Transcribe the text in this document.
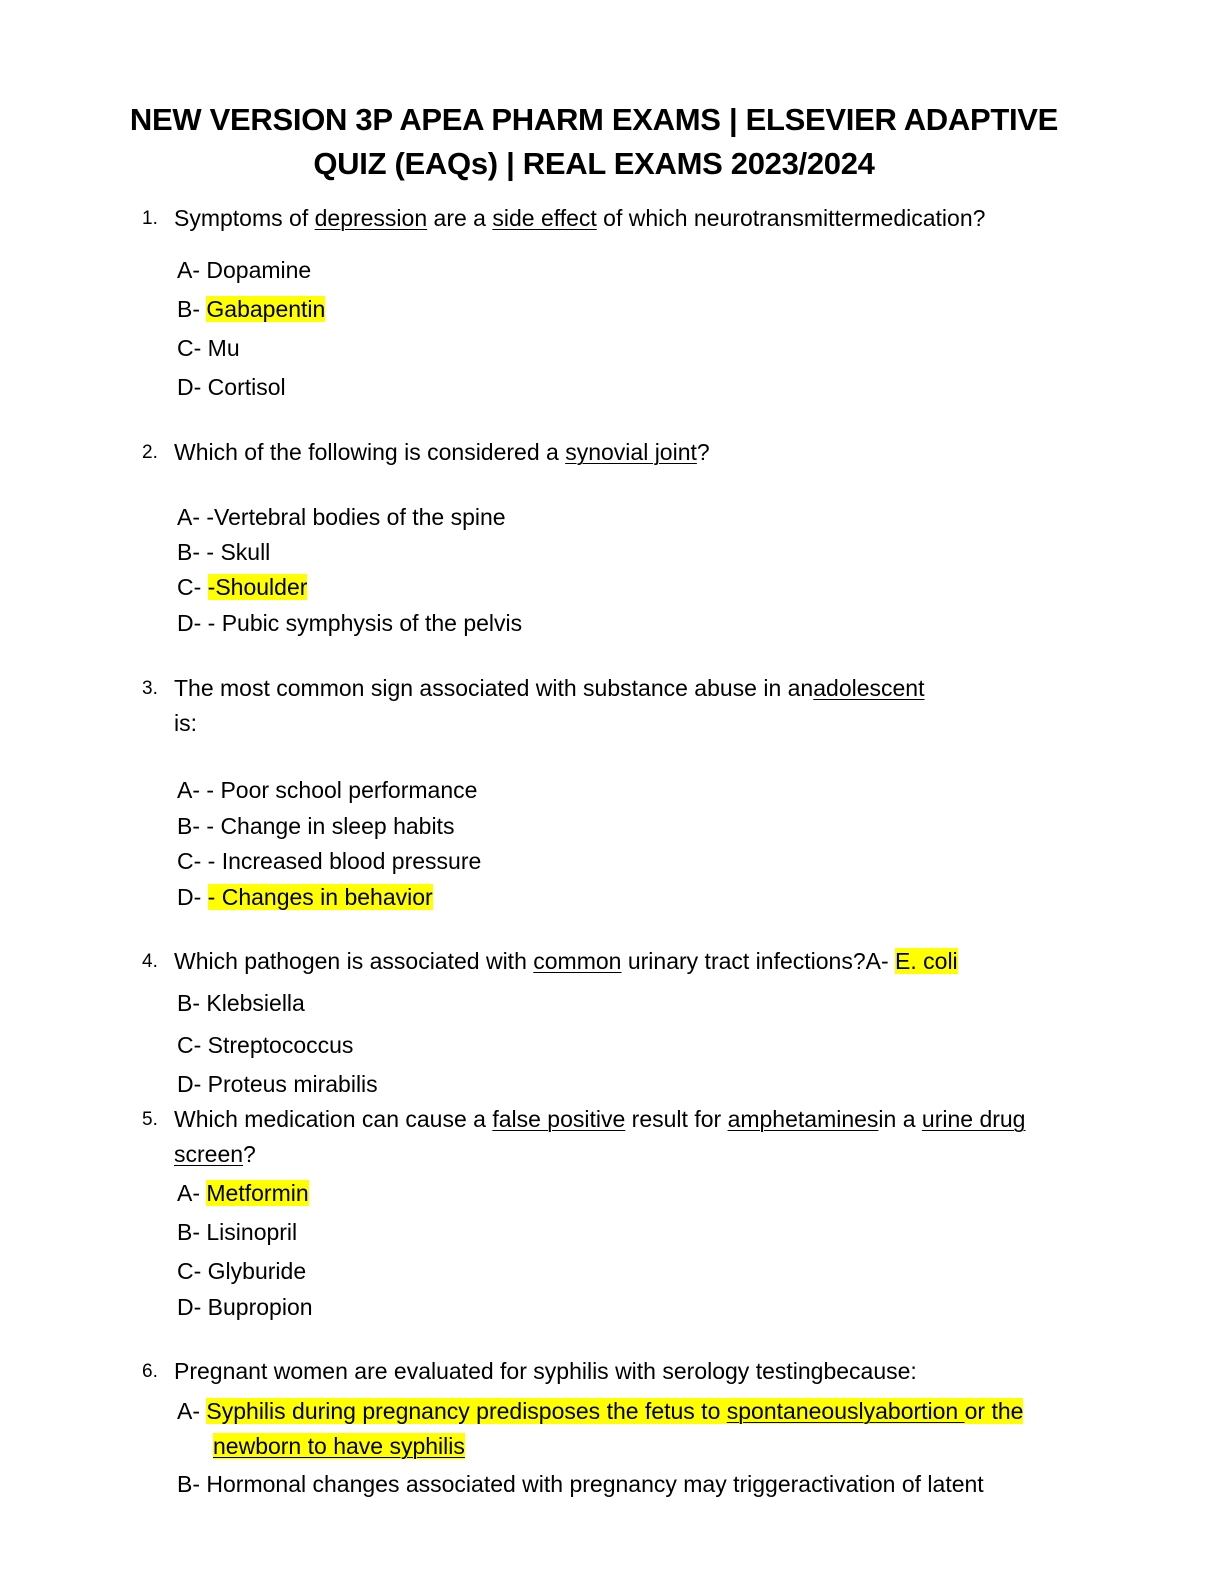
NEW VERSION 3P APEA PHARM EXAMS | ELSEVIER ADAPTIVE
QUIZ (EAQs) | REAL EXAMS 2023/2024
1. Symptoms of depression are a side effect of which neurotransmittermedication?
A- Dopamine
B- Gabapentin
C- Mu
D- Cortisol
2. Which of the following is considered a synovial joint?
A- -Vertebral bodies of the spine
B- - Skull
C- -Shoulder
D- - Pubic symphysis of the pelvis
3. The most common sign associated with substance abuse in anadolescent
is:
A- - Poor school performance
B- - Change in sleep habits
C- - Increased blood pressure
D- - Changes in behavior
4. Which pathogen is associated with common urinary tract infections?A- E. coli
B- Klebsiella
C- Streptococcus
D- Proteus mirabilis
5. Which medication can cause a false positive result for amphetaminesin a urine drug
screen?
A- Metformin
B- Lisinopril
C- Glyburide
D- Bupropion
6. Pregnant women are evaluated for syphilis with serology testingbecause:
A- Syphilis during pregnancy predisposes the fetus to spontaneouslyabortion or the
newborn to have syphilis
B- Hormonal changes associated with pregnancy may triggeractivation of latent
